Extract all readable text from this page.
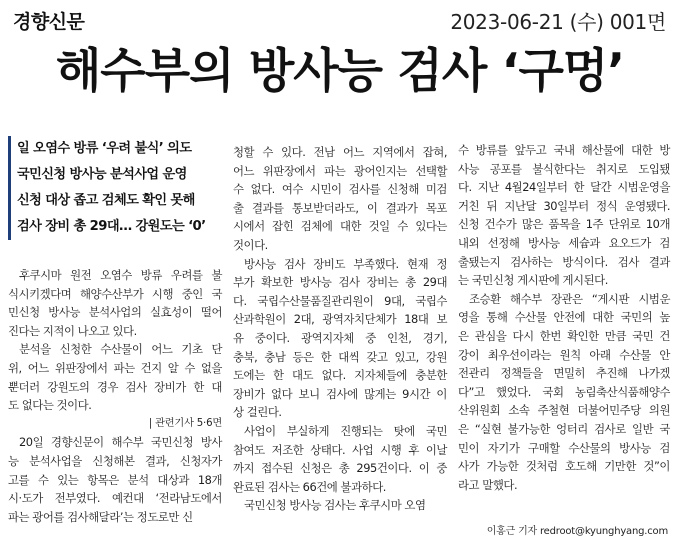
경향신문	2023-06-21 (수) 001면
해수부의 방사능 검사 ‘구멍’
일 오염수 방류 ‘우려 불식’ 의도
국민신청 방사능 분석사업 운영
신청 대상 좁고 검체도 확인 못해
검사 장비 총 29대… 강원도는 ‘0’
후쿠시마 원전 오염수 방류 우려를 불
식시키겠다며 해양수산부가 시행 중인 국
민신청 방사능 분석사업의 실효성이 떨어
진다는 지적이 나오고 있다.
분석을 신청한 수산물이 어느 기초 단
위, 어느 위판장에서 파는 건지 알 수 없을
뿐더러 강원도의 경우 검사 장비가 한 대
도 없다는 것이다.
| 관련기사 5·6면
20일 경향신문이 해수부 국민신청 방사
능 분석사업을 신청해본 결과, 신청자가
고를 수 있는 항목은 분석 대상과 18개
시·도가 전부였다. 예컨대 ‘전라남도에서
파는 광어를 검사해달라’는 정도로만 신
청할 수 있다. 전남 어느 지역에서 잡혀,
어느 위판장에서 파는 광어인지는 선택할
수 없다. 여수 시민이 검사를 신청해 미검
출 결과를 통보받더라도, 이 결과가 목포
시에서 잡힌 검체에 대한 것일 수 있다는
것이다.
방사능 검사 장비도 부족했다. 현재 정
부가 확보한 방사능 검사 장비는 총 29대
다. 국립수산물품질관리원이 9대, 국립수
산과학원이 2대, 광역자치단체가 18대 보
유 중이다. 광역지자체 중 인천, 경기,
충북, 충남 등은 한 대씩 갖고 있고, 강원
도에는 한 대도 없다. 지자체들에 충분한
장비가 없다 보니 검사에 많게는 9시간 이
상 걸린다.
사업이 부실하게 진행되는 탓에 국민
참여도 저조한 상태다. 사업 시행 후 이날
까지 접수된 신청은 총 295건이다. 이 중
완료된 검사는 66건에 불과하다.
국민신청 방사능 검사는 후쿠시마 오염
수 방류를 앞두고 국내 해산물에 대한 방
사능 공포를 불식한다는 취지로 도입됐
다. 지난 4월24일부터 한 달간 시범운영을
거친 뒤 지난달 30일부터 정식 운영됐다.
신청 건수가 많은 품목을 1주 단위로 10개
내외 선정해 방사능 세슘과 요오드가 검
출됐는지 검사하는 방식이다. 검사 결과
는 국민신청 게시판에 게시된다.
조승환 해수부 장관은 “게시판 시범운
영을 통해 수산물 안전에 대한 국민의 높
은 관심을 다시 한번 확인한 만큼 국민 건
강이 최우선이라는 원칙 아래 수산물 안
전관리 정책들을 면밀히 추진해 나가겠
다”고 했었다. 국회 농림축산식품해양수
산위원회 소속 주철현 더불어민주당 의원
은 “실현 불가능한 엉터리 검사로 일반 국
민이 자기가 구매할 수산물의 방사능 검
사가 가능한 것처럼 호도해 기만한 것”이
라고 말했다.
이홍근 기자 redroot@kyunghyang.com
